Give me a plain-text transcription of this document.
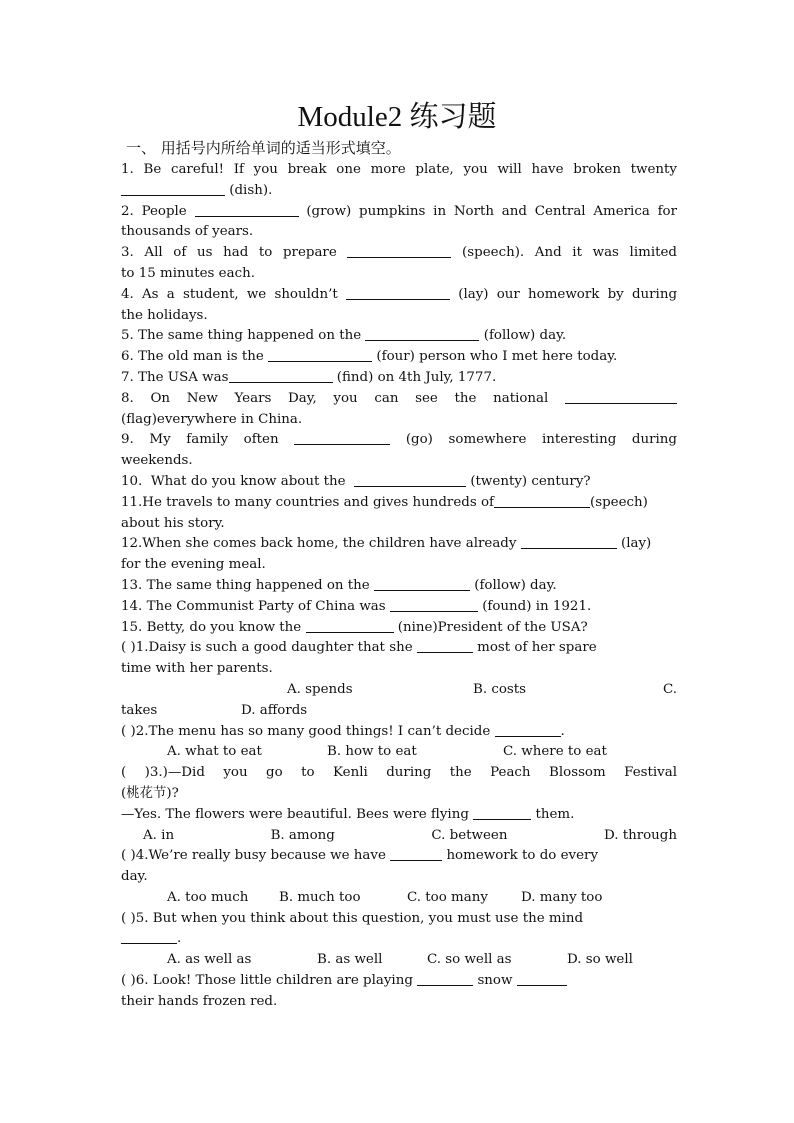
Module2 练习题

一、 用括号内所给单词的适当形式填空。

1. Be careful! If you break one more plate, you will have broken twenty
(dish).
2. People	(grow) pumpkins in North and Central America for
thousands of years.
3. All of us had to prepare	(speech). And it was limited
to 15 minutes each.
4. As a student, we shouldn’t	(lay) our homework by during
the holidays.
5. The same thing happened on the	(follow) day.
6. The old man is the	(four) person who I met here today.
7. The USA was	(find) on 4th July, 1777.
8. On New Years Day, you can see the national
(flag)everywhere in China.
9. My family often	(go) somewhere interesting during
weekends.
10. What do you know about the	(twenty) century?
11.He travels to many countries and gives hundreds of	(speech)
about his story.
12.When she comes back home, the children have already	(lay)
for the evening meal.
13. The same thing happened on the	(follow) day.
14. The Communist Party of China was	(found) in 1921.
15. Betty, do you know the	(nine)President of the USA?
( )1.Daisy is such a good daughter that she	most of her spare
time with her parents.
A. spends	B. costs	C.
takes	D. affords
( )2.The menu has so many good things! I can’t decide	.
A. what to eat	B. how to eat	C. where to eat
( )3.)—Did you go to Kenli during the Peach Blossom Festival
(桃花节)?
—Yes. The flowers were beautiful. Bees were flying	them.
A. in	B. among	C. between	D. through
( )4.We’re really busy because we have	homework to do every
day.
A. too much B. much too	C. too many D. many too
( )5. But when you think about this question, you must use the mind
.
A. as well as	B. as well	C. so well as	D. so well
( )6. Look! Those little children are playing	snow
their hands frozen red.
